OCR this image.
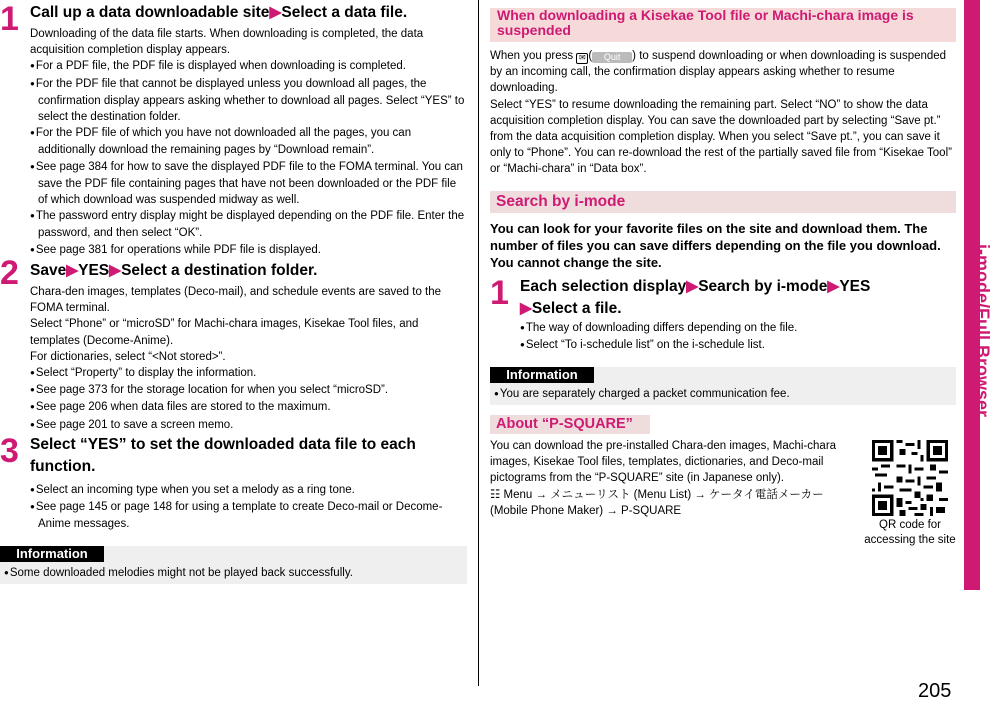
1 Call up a data downloadable site▶Select a data file.
Downloading of the data file starts. When downloading is completed, the data acquisition completion display appears.
● For a PDF file, the PDF file is displayed when downloading is completed.
● For the PDF file that cannot be displayed unless you download all pages, the confirmation display appears asking whether to download all pages. Select “YES” to select the destination folder.
● For the PDF file of which you have not downloaded all the pages, you can additionally download the remaining pages by “Download remain”.
● See page 384 for how to save the displayed PDF file to the FOMA terminal. You can save the PDF file containing pages that have not been downloaded or the PDF file of which download was suspended midway as well.
● The password entry display might be displayed depending on the PDF file. Enter the password, and then select “OK”.
● See page 381 for operations while PDF file is displayed.
2 Save▶YES▶Select a destination folder.
Chara-den images, templates (Deco-mail), and schedule events are saved to the FOMA terminal.
Select “Phone” or “microSD” for Machi-chara images, Kisekae Tool files, and templates (Decome-Anime).
For dictionaries, select “<Not stored>”.
● Select “Property” to display the information.
● See page 373 for the storage location for when you select “microSD”.
● See page 206 when data files are stored to the maximum.
● See page 201 to save a screen memo.
3 Select “YES” to set the downloaded data file to each function.
● Select an incoming type when you set a melody as a ring tone.
● See page 145 or page 148 for using a template to create Deco-mail or Decome-Anime messages.
Information
● Some downloaded melodies might not be played back successfully.
When downloading a Kisekae Tool file or Machi-chara image is suspended
When you press ✉ ( Quit ) to suspend downloading or when downloading is suspended by an incoming call, the confirmation display appears asking whether to resume downloading.
Select “YES” to resume downloading the remaining part. Select “NO” to show the data acquisition completion display. You can save the downloaded part by selecting “Save pt.” from the data acquisition completion display. When you select “Save pt.”, you can save it only to “Phone”. You can re-download the rest of the partially saved file from “Kisekae Tool” or “Machi-chara” in “Data box”.
Search by i-mode
You can look for your favorite files on the site and download them. The number of files you can save differs depending on the file you download. You cannot change the site.
1 Each selection display▶Search by i-mode▶YES
▶Select a file.
● The way of downloading differs depending on the file.
● Select “To i-schedule list” on the i-schedule list.
Information
● You are separately charged a packet communication fee.
About “P-SQUARE”
You can download the pre-installed Chara-den images, Machi-chara images, Kisekae Tool files, templates, dictionaries, and Deco-mail pictograms from the “P-SQUARE” site (in Japanese only).
☷ Menu → メニューリスト (Menu List) → ケータイ電話メーカー (Mobile Phone Maker) → P-SQUARE
QR code for accessing the site
i-mode/Full Browser
205
